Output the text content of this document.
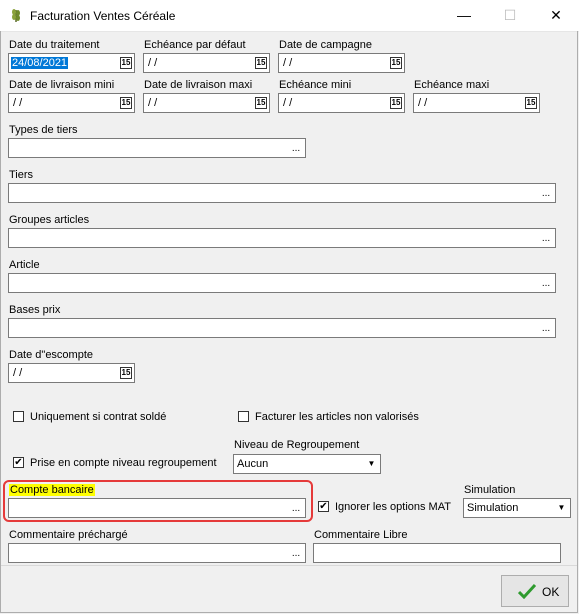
Facturation Ventes Céréale	—	☐	✕
Date du traitement
24/08/2021	15
Echéance par défaut
/ /	15
Date de campagne
/ /	15
Date de livraison mini
/ /	15
Date de livraison maxi
/ /	15
Echéance mini
/ /	15
Echéance maxi
/ /	15
Types de tiers
...
Tiers
...
Groupes articles
...
Article
...
Bases prix
...
Date d"escompte
/ /	15
Uniquement si contrat soldé	Facturer les articles non valorisés
Niveau de Regroupement
Aucun	▼
✔ Prise en compte niveau regroupement
Compte bancaire
...	✔ Ignorer les options MAT
Simulation
Simulation	▼
Commentaire préchargé
...
Commentaire Libre
OK
